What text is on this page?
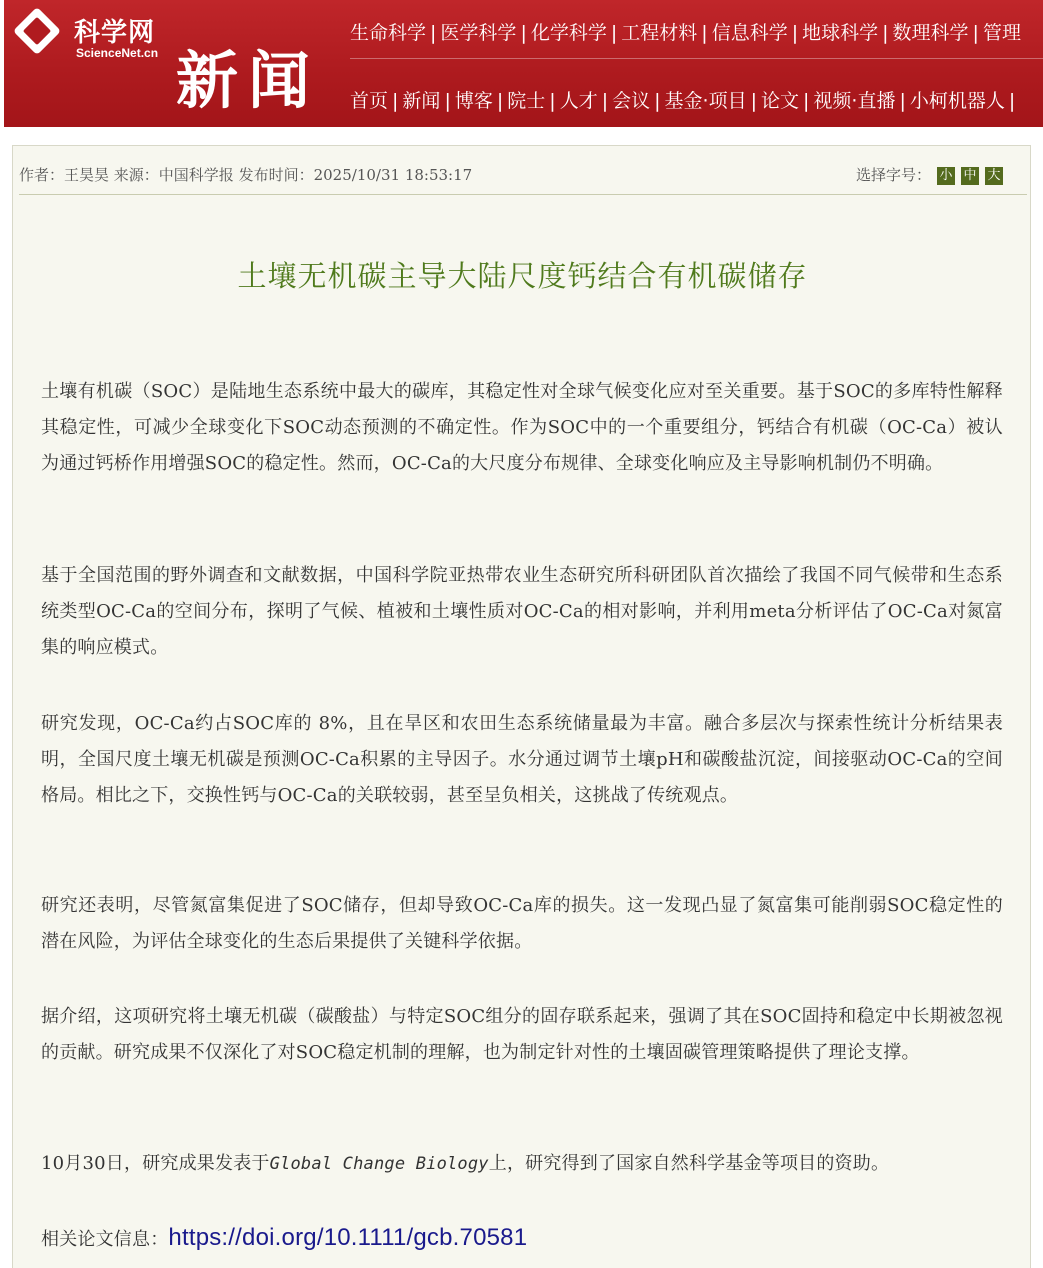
科学网
ScienceNet.cn 新闻
生命科学 | 医学科学 | 化学科学 | 工程材料 | 信息科学 | 地球科学 | 数理科学 | 管理
首页 | 新闻 | 博客 | 院士 | 人才 | 会议 | 基金·项目 | 论文 | 视频·直播 | 小柯机器人 |
作者：王昊昊 来源：中国科学报 发布时间：2025/10/31 18:53:17	选择字号： 小 中 大
土壤无机碳主导大陆尺度钙结合有机碳储存

土壤有机碳（SOC）是陆地生态系统中最大的碳库，其稳定性对全球气候变化应对至关重要。基于SOC的多库特性解释其稳定性，可减少全球变化下SOC动态预测的不确定性。作为SOC中的一个重要组分，钙结合有机碳（OC-Ca）被认为通过钙桥作用增强SOC的稳定性。然而，OC-Ca的大尺度分布规律、全球变化响应及主导影响机制仍不明确。

基于全国范围的野外调查和文献数据，中国科学院亚热带农业生态研究所科研团队首次描绘了我国不同气候带和生态系统类型OC-Ca的空间分布，探明了气候、植被和土壤性质对OC-Ca的相对影响，并利用meta分析评估了OC-Ca对氮富集的响应模式。

研究发现，OC-Ca约占SOC库的 8%，且在旱区和农田生态系统储量最为丰富。融合多层次与探索性统计分析结果表明，全国尺度土壤无机碳是预测OC-Ca积累的主导因子。水分通过调节土壤pH和碳酸盐沉淀，间接驱动OC-Ca的空间格局。相比之下，交换性钙与OC-Ca的关联较弱，甚至呈负相关，这挑战了传统观点。

研究还表明，尽管氮富集促进了SOC储存，但却导致OC-Ca库的损失。这一发现凸显了氮富集可能削弱SOC稳定性的潜在风险，为评估全球变化的生态后果提供了关键科学依据。

据介绍，这项研究将土壤无机碳（碳酸盐）与特定SOC组分的固存联系起来，强调了其在SOC固持和稳定中长期被忽视的贡献。研究成果不仅深化了对SOC稳定机制的理解，也为制定针对性的土壤固碳管理策略提供了理论支撑。

10月30日，研究成果发表于Global Change Biology上，研究得到了国家自然科学基金等项目的资助。

相关论文信息：https://doi.org/10.1111/gcb.70581
